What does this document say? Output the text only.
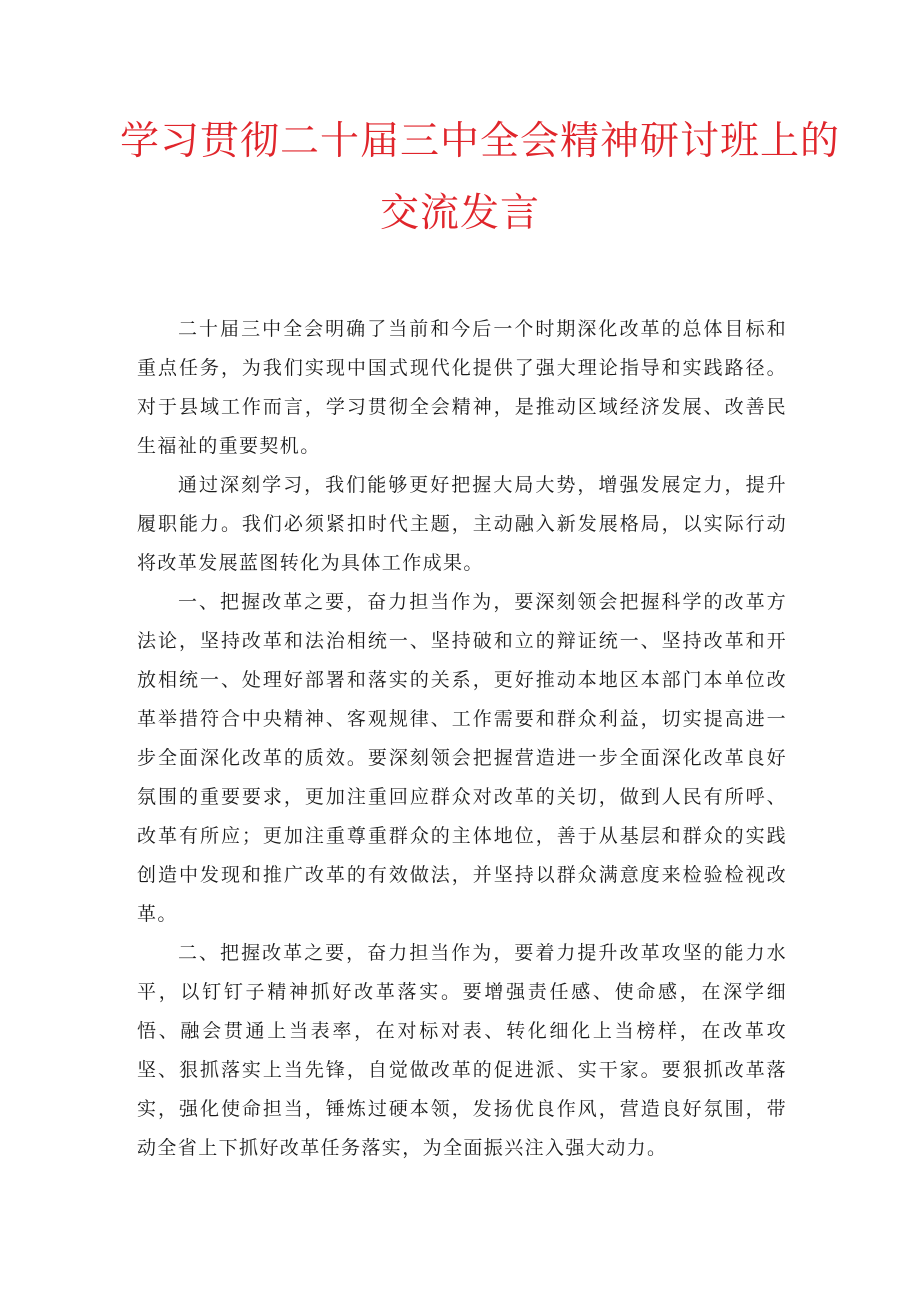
学习贯彻二十届三中全会精神研讨班上的
交流发言

二十届三中全会明确了当前和今后一个时期深化改革的总体目标和重点任务，为我们实现中国式现代化提供了强大理论指导和实践路径。对于县域工作而言，学习贯彻全会精神，是推动区域经济发展、改善民生福祉的重要契机。

通过深刻学习，我们能够更好把握大局大势，增强发展定力，提升履职能力。我们必须紧扣时代主题，主动融入新发展格局，以实际行动将改革发展蓝图转化为具体工作成果。

一、把握改革之要，奋力担当作为，要深刻领会把握科学的改革方法论，坚持改革和法治相统一、坚持破和立的辩证统一、坚持改革和开放相统一、处理好部署和落实的关系，更好推动本地区本部门本单位改革举措符合中央精神、客观规律、工作需要和群众利益，切实提高进一步全面深化改革的质效。要深刻领会把握营造进一步全面深化改革良好氛围的重要要求，更加注重回应群众对改革的关切，做到人民有所呼、改革有所应；更加注重尊重群众的主体地位，善于从基层和群众的实践创造中发现和推广改革的有效做法，并坚持以群众满意度来检验检视改革。

二、把握改革之要，奋力担当作为，要着力提升改革攻坚的能力水平，以钉钉子精神抓好改革落实。要增强责任感、使命感，在深学细悟、融会贯通上当表率，在对标对表、转化细化上当榜样，在改革攻坚、狠抓落实上当先锋，自觉做改革的促进派、实干家。要狠抓改革落实，强化使命担当，锤炼过硬本领，发扬优良作风，营造良好氛围，带动全省上下抓好改革任务落实，为全面振兴注入强大动力。
